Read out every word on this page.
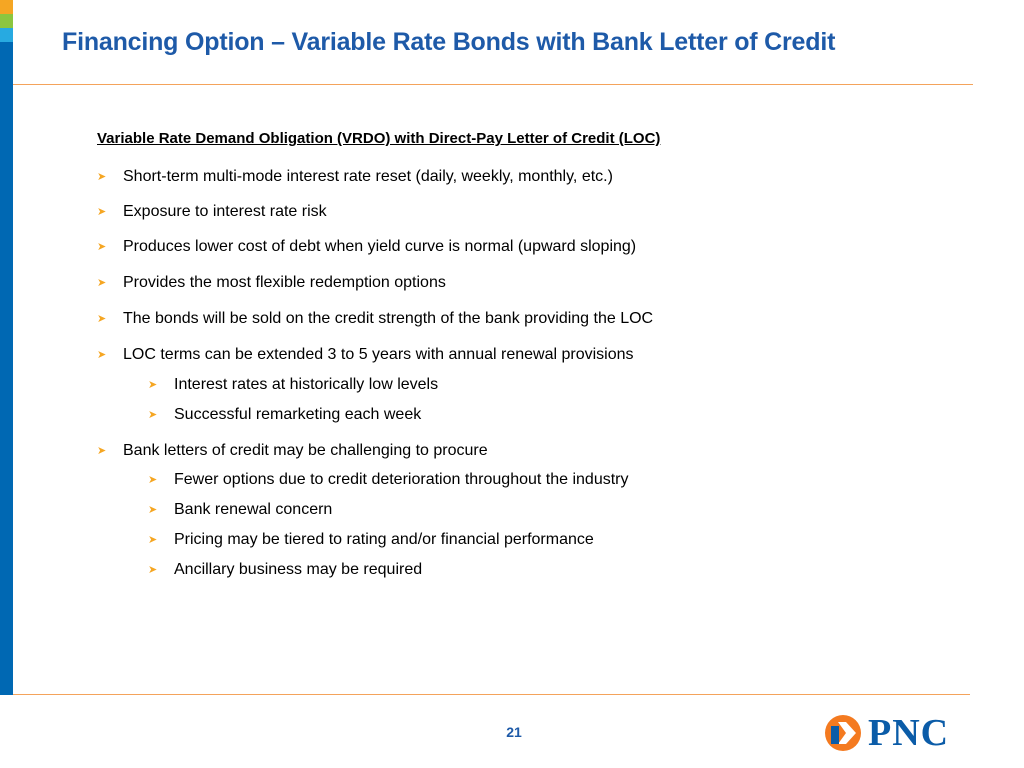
Financing Option – Variable Rate Bonds with Bank Letter of Credit
Variable Rate Demand Obligation (VRDO) with Direct-Pay Letter of Credit (LOC)
➤ Short-term multi-mode interest rate reset (daily, weekly, monthly, etc.)
➤ Exposure to interest rate risk
➤ Produces lower cost of debt when yield curve is normal (upward sloping)
➤ Provides the most flexible redemption options
➤ The bonds will be sold on the credit strength of the bank providing the LOC
➤ LOC terms can be extended 3 to 5 years with annual renewal provisions
➤ Interest rates at historically low levels
➤ Successful remarketing each week
➤ Bank letters of credit may be challenging to procure
➤ Fewer options due to credit deterioration throughout the industry
➤ Bank renewal concern
➤ Pricing may be tiered to rating and/or financial performance
➤ Ancillary business may be required
21	PNC
